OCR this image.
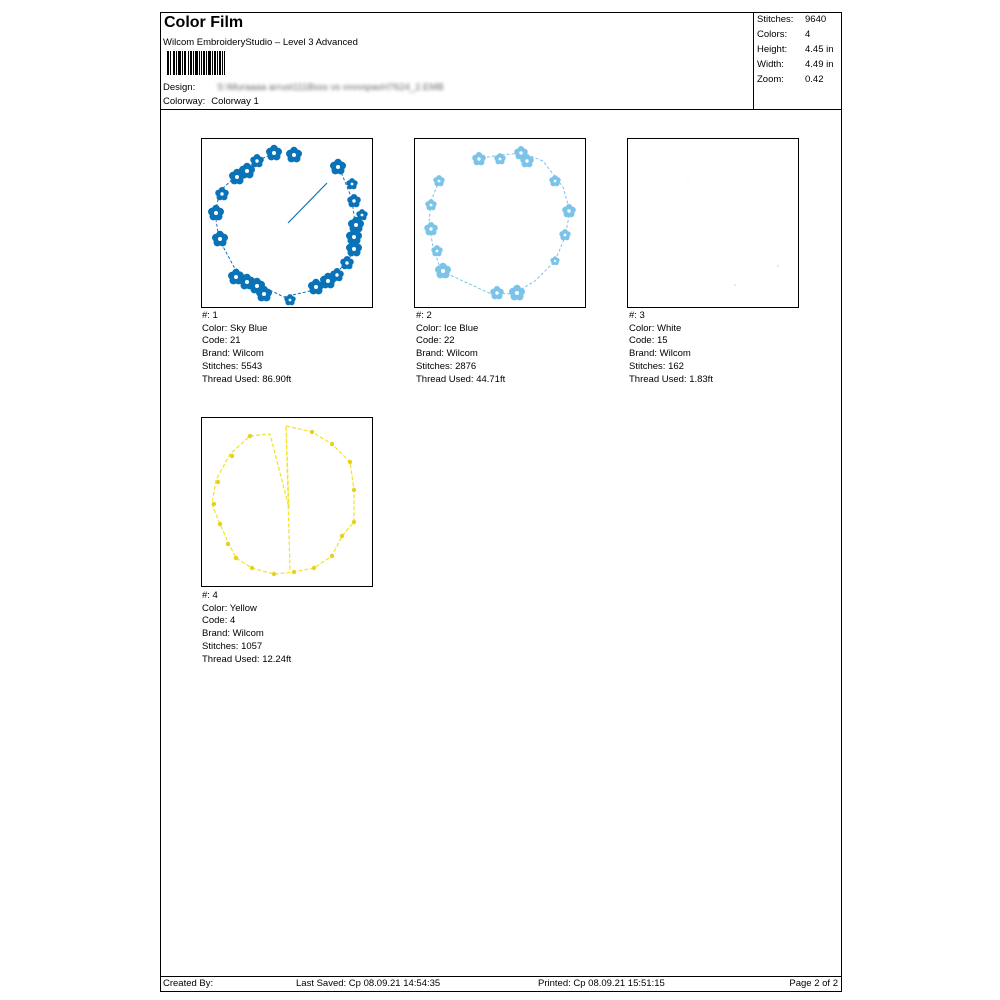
Color Film
Wilcom EmbroideryStudio – Level 3 Advanced
Design: S:\Muraaaa arrust111Bsss vs vvvvspaxH7624_2.EMB
Colorway: Colorway 1
Stitches: 9640
Colors: 4
Height: 4.45 in
Width: 4.49 in
Zoom: 0.42
#: 1
Color: Sky Blue
Code: 21
Brand: Wilcom
Stitches: 5543
Thread Used: 86.90ft
#: 2
Color: Ice Blue
Code: 22
Brand: Wilcom
Stitches: 2876
Thread Used: 44.71ft
#: 3
Color: White
Code: 15
Brand: Wilcom
Stitches: 162
Thread Used: 1.83ft
#: 4
Color: Yellow
Code: 4
Brand: Wilcom
Stitches: 1057
Thread Used: 12.24ft
Created By:	Last Saved: Cp 08.09.21 14:54:35	Printed: Cp 08.09.21 15:51:15	Page 2 of 2
